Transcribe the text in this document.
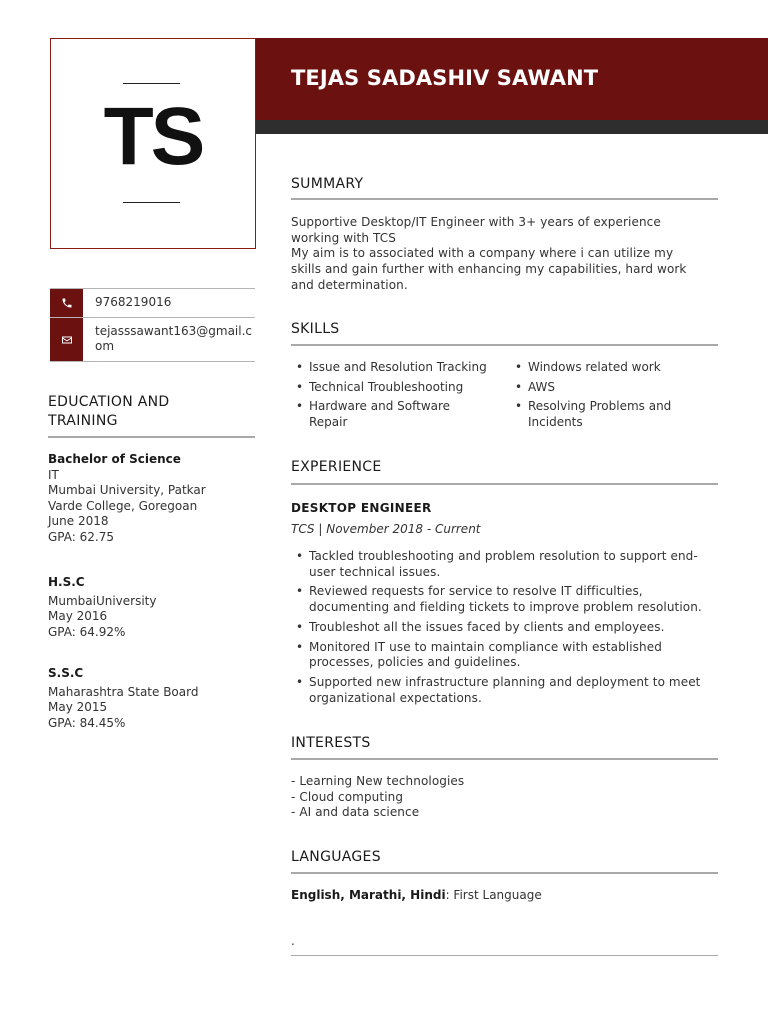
TEJAS SADASHIV SAWANT
TS
9768219016
tejasssawant163@gmail.com
EDUCATION AND
TRAINING
Bachelor of Science
IT
Mumbai University, Patkar
Varde College, Goregoan
June 2018
GPA: 62.75
H.S.C
MumbaiUniversity
May 2016
GPA: 64.92%
S.S.C
Maharashtra State Board
May 2015
GPA: 84.45%
SUMMARY
Supportive Desktop/IT Engineer with 3+ years of experience
working with TCS
My aim is to associated with a company where i can utilize my
skills and gain further with enhancing my capabilities, hard work
and determination.
SKILLS
• Issue and Resolution Tracking
• Technical Troubleshooting
• Hardware and Software Repair
• Windows related work
• AWS
• Resolving Problems and Incidents
EXPERIENCE
DESKTOP ENGINEER
TCS | November 2018 - Current
• Tackled troubleshooting and problem resolution to support end-user technical issues.
• Reviewed requests for service to resolve IT difficulties, documenting and fielding tickets to improve problem resolution.
• Troubleshot all the issues faced by clients and employees.
• Monitored IT use to maintain compliance with established processes, policies and guidelines.
• Supported new infrastructure planning and deployment to meet organizational expectations.
INTERESTS
- Learning New technologies
- Cloud computing
- AI and data science
LANGUAGES
English, Marathi, Hindi: First Language
.
